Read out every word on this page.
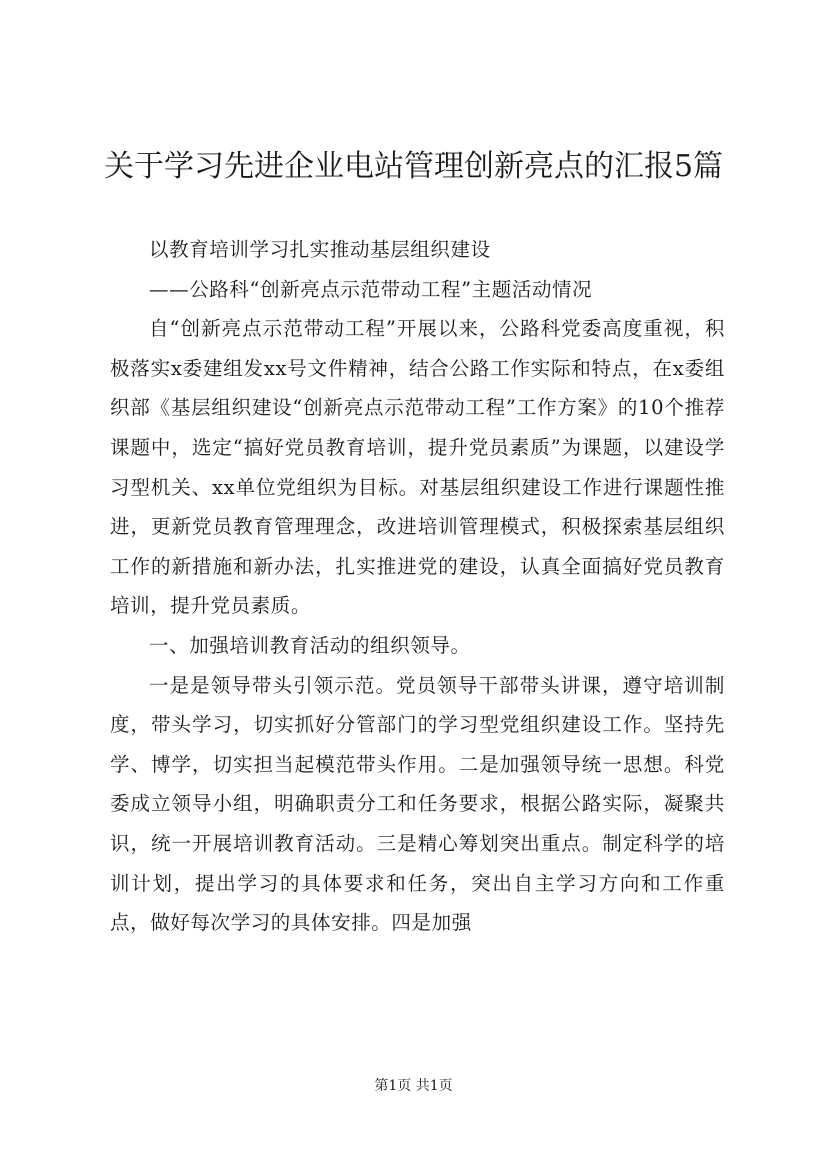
关于学习先进企业电站管理创新亮点的汇报5篇

以教育培训学习扎实推动基层组织建设

——公路科“创新亮点示范带动工程”主题活动情况

自“创新亮点示范带动工程”开展以来，公路科党委高度重视，积极落实x委建组发xx号文件精神，结合公路工作实际和特点，在x委组织部《基层组织建设“创新亮点示范带动工程”工作方案》的10个推荐课题中，选定“搞好党员教育培训，提升党员素质”为课题，以建设学习型机关、xx单位党组织为目标。对基层组织建设工作进行课题性推进，更新党员教育管理理念，改进培训管理模式，积极探索基层组织工作的新措施和新办法，扎实推进党的建设，认真全面搞好党员教育培训，提升党员素质。

一、加强培训教育活动的组织领导。

一是是领导带头引领示范。党员领导干部带头讲课，遵守培训制度，带头学习，切实抓好分管部门的学习型党组织建设工作。坚持先学、博学，切实担当起模范带头作用。二是加强领导统一思想。科党委成立领导小组，明确职责分工和任务要求，根据公路实际，凝聚共识，统一开展培训教育活动。三是精心筹划突出重点。制定科学的培训计划，提出学习的具体要求和任务，突出自主学习方向和工作重点，做好每次学习的具体安排。四是加强

第1页 共1页
